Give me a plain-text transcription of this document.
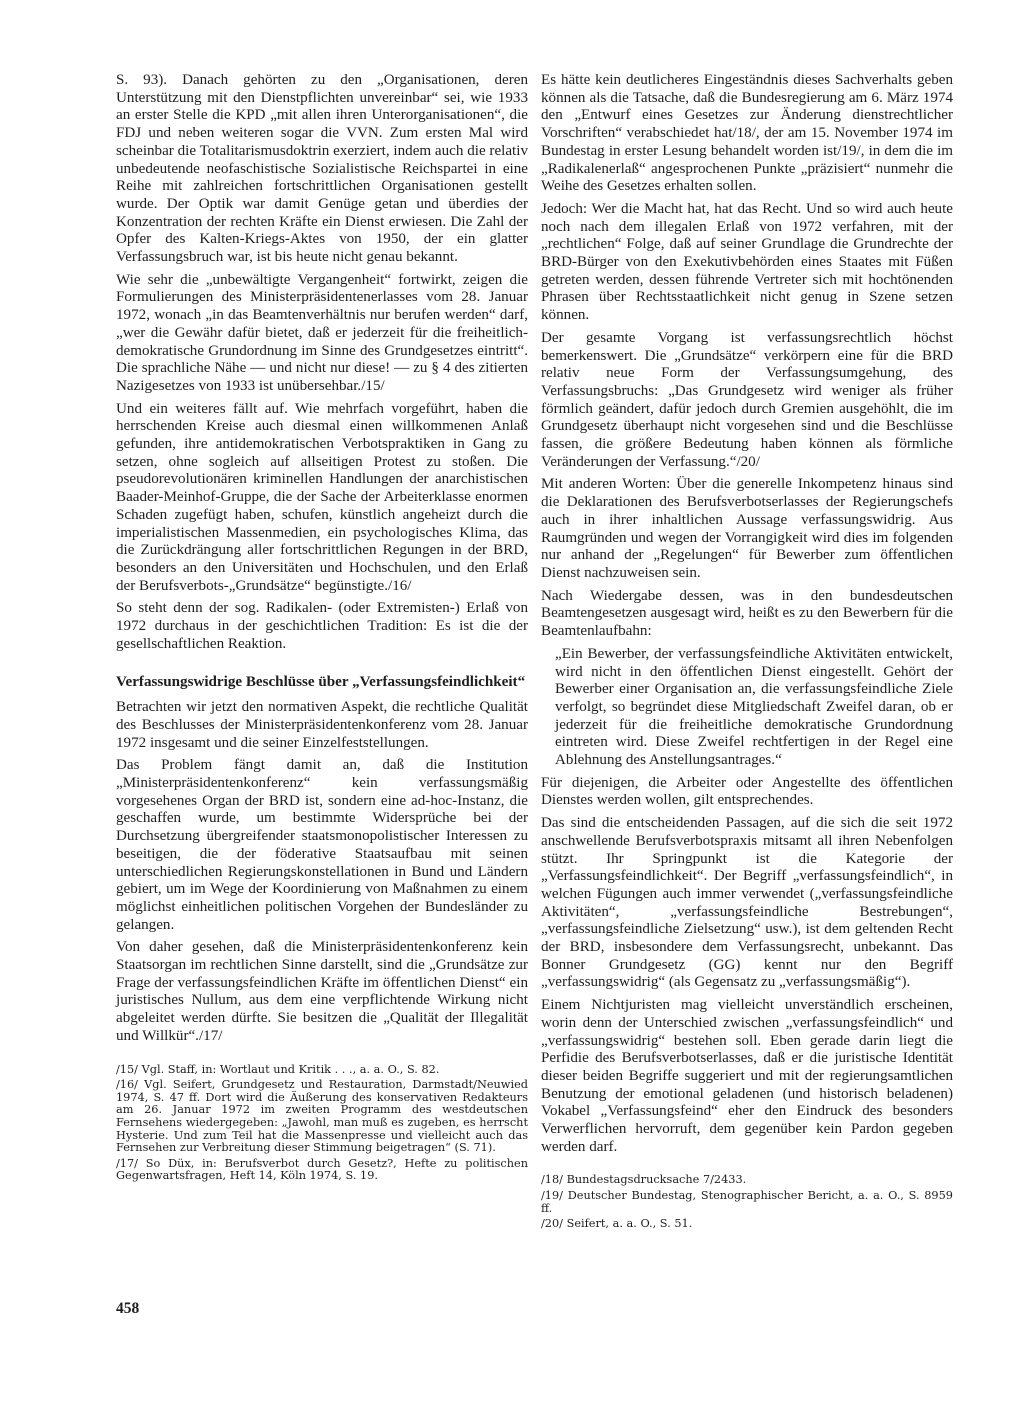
S. 93). Danach gehörten zu den „Organisationen, deren Unterstützung mit den Dienstpflichten unvereinbar“ sei, wie 1933 an erster Stelle die KPD „mit allen ihren Unterorganisationen“, die FDJ und neben weiteren sogar die VVN. Zum ersten Mal wird scheinbar die Totalitarismusdoktrin exerziert, indem auch die relativ unbedeutende neofaschistische Sozialistische Reichspartei in eine Reihe mit zahlreichen fortschrittlichen Organisationen gestellt wurde. Der Optik war damit Genüge getan und überdies der Konzentration der rechten Kräfte ein Dienst erwiesen. Die Zahl der Opfer des Kalten-Kriegs-Aktes von 1950, der ein glatter Verfassungsbruch war, ist bis heute nicht genau bekannt.

Wie sehr die „unbewältigte Vergangenheit“ fortwirkt, zeigen die Formulierungen des Ministerpräsidentenerlasses vom 28. Januar 1972, wonach „in das Beamtenverhältnis nur berufen werden“ darf, „wer die Gewähr dafür bietet, daß er jederzeit für die freiheitlich-demokratische Grundordnung im Sinne des Grundgesetzes eintritt“. Die sprachliche Nähe — und nicht nur diese! — zu § 4 des zitierten Nazigesetzes von 1933 ist unübersehbar./15/

Und ein weiteres fällt auf. Wie mehrfach vorgeführt, haben die herrschenden Kreise auch diesmal einen willkommenen Anlaß gefunden, ihre antidemokratischen Verbotspraktiken in Gang zu setzen, ohne sogleich auf allseitigen Protest zu stoßen. Die pseudorevolutionären kriminellen Handlungen der anarchistischen Baader-Meinhof-Gruppe, die der Sache der Arbeiterklasse enormen Schaden zugefügt haben, schufen, künstlich angeheizt durch die imperialistischen Massenmedien, ein psychologisches Klima, das die Zurückdrängung aller fortschrittlichen Regungen in der BRD, besonders an den Universitäten und Hochschulen, und den Erlaß der Berufsverbots-„Grundsätze“ begünstigte./16/

So steht denn der sog. Radikalen- (oder Extremisten-) Erlaß von 1972 durchaus in der geschichtlichen Tradition: Es ist die der gesellschaftlichen Reaktion.

Verfassungswidrige Beschlüsse über „Verfassungsfeindlichkeit“

Betrachten wir jetzt den normativen Aspekt, die rechtliche Qualität des Beschlusses der Ministerpräsidentenkonferenz vom 28. Januar 1972 insgesamt und die seiner Einzelfeststellungen.

Das Problem fängt damit an, daß die Institution „Ministerpräsidentenkonferenz“ kein verfassungsmäßig vorgesehenes Organ der BRD ist, sondern eine ad-hoc-Instanz, die geschaffen wurde, um bestimmte Widersprüche bei der Durchsetzung übergreifender staatsmonopolistischer Interessen zu beseitigen, die der föderative Staatsaufbau mit seinen unterschiedlichen Regierungskonstellationen in Bund und Ländern gebiert, um im Wege der Koordinierung von Maßnahmen zu einem möglichst einheitlichen politischen Vorgehen der Bundesländer zu gelangen.

Von daher gesehen, daß die Ministerpräsidentenkonferenz kein Staatsorgan im rechtlichen Sinne darstellt, sind die „Grundsätze zur Frage der verfassungsfeindlichen Kräfte im öffentlichen Dienst“ ein juristisches Nullum, aus dem eine verpflichtende Wirkung nicht abgeleitet werden dürfte. Sie besitzen die „Qualität der Illegalität und Willkür“./17/

/15/ Vgl. Staff, in: Wortlaut und Kritik . . ., a. a. O., S. 82.

/16/ Vgl. Seifert, Grundgesetz und Restauration, Darmstadt/Neuwied 1974, S. 47 ff. Dort wird die Äußerung des konservativen Redakteurs am 26. Januar 1972 im zweiten Programm des westdeutschen Fernsehens wiedergegeben: „Jawohl, man muß es zugeben, es herrscht Hysterie. Und zum Teil hat die Massenpresse und vielleicht auch das Fernsehen zur Verbreitung dieser Stimmung beigetragen“ (S. 71).

/17/ So Düx, in: Berufsverbot durch Gesetz?, Hefte zu politischen Gegenwartsfragen, Heft 14, Köln 1974, S. 19.

Es hätte kein deutlicheres Eingeständnis dieses Sachverhalts geben können als die Tatsache, daß die Bundesregierung am 6. März 1974 den „Entwurf eines Gesetzes zur Änderung dienstrechtlicher Vorschriften“ verabschiedet hat/18/, der am 15. November 1974 im Bundestag in erster Lesung behandelt worden ist/19/, in dem die im „Radikalenerlaß“ angesprochenen Punkte „präzisiert“ nunmehr die Weihe des Gesetzes erhalten sollen.

Jedoch: Wer die Macht hat, hat das Recht. Und so wird auch heute noch nach dem illegalen Erlaß von 1972 verfahren, mit der „rechtlichen“ Folge, daß auf seiner Grundlage die Grundrechte der BRD-Bürger von den Exekutivbehörden eines Staates mit Füßen getreten werden, dessen führende Vertreter sich mit hochtönenden Phrasen über Rechtsstaatlichkeit nicht genug in Szene setzen können.

Der gesamte Vorgang ist verfassungsrechtlich höchst bemerkenswert. Die „Grundsätze“ verkörpern eine für die BRD relativ neue Form der Verfassungsumgehung, des Verfassungsbruchs: „Das Grundgesetz wird weniger als früher förmlich geändert, dafür jedoch durch Gremien ausgehöhlt, die im Grundgesetz überhaupt nicht vorgesehen sind und die Beschlüsse fassen, die größere Bedeutung haben können als förmliche Veränderungen der Verfassung.“/20/

Mit anderen Worten: Über die generelle Inkompetenz hinaus sind die Deklarationen des Berufsverbotserlasses der Regierungschefs auch in ihrer inhaltlichen Aussage verfassungswidrig. Aus Raumgründen und wegen der Vorrangigkeit wird dies im folgenden nur anhand der „Regelungen“ für Bewerber zum öffentlichen Dienst nachzuweisen sein.

Nach Wiedergabe dessen, was in den bundesdeutschen Beamtengesetzen ausgesagt wird, heißt es zu den Bewerbern für die Beamtenlaufbahn:

„Ein Bewerber, der verfassungsfeindliche Aktivitäten entwickelt, wird nicht in den öffentlichen Dienst eingestellt. Gehört der Bewerber einer Organisation an, die verfassungsfeindliche Ziele verfolgt, so begründet diese Mitgliedschaft Zweifel daran, ob er jederzeit für die freiheitliche demokratische Grundordnung eintreten wird. Diese Zweifel rechtfertigen in der Regel eine Ablehnung des Anstellungsantrages.“

Für diejenigen, die Arbeiter oder Angestellte des öffentlichen Dienstes werden wollen, gilt entsprechendes.

Das sind die entscheidenden Passagen, auf die sich die seit 1972 anschwellende Berufsverbotspraxis mitsamt all ihren Nebenfolgen stützt. Ihr Springpunkt ist die Kategorie der „Verfassungsfeindlichkeit“. Der Begriff „verfassungsfeindlich“, in welchen Fügungen auch immer verwendet („verfassungsfeindliche Aktivitäten“, „verfassungsfeindliche Bestrebungen“, „verfassungsfeindliche Zielsetzung“ usw.), ist dem geltenden Recht der BRD, insbesondere dem Verfassungsrecht, unbekannt. Das Bonner Grundgesetz (GG) kennt nur den Begriff „verfassungswidrig“ (als Gegensatz zu „verfassungsmäßig“).

Einem Nichtjuristen mag vielleicht unverständlich erscheinen, worin denn der Unterschied zwischen „verfassungsfeindlich“ und „verfassungswidrig“ bestehen soll. Eben gerade darin liegt die Perfidie des Berufsverbotserlasses, daß er die juristische Identität dieser beiden Begriffe suggeriert und mit der regierungsamtlichen Benutzung der emotional geladenen (und historisch beladenen) Vokabel „Verfassungsfeind“ eher den Eindruck des besonders Verwerflichen hervorruft, dem gegenüber kein Pardon gegeben werden darf.

/18/ Bundestagsdrucksache 7/2433.

/19/ Deutscher Bundestag, Stenographischer Bericht, a. a. O., S. 8959 ff.

/20/ Seifert, a. a. O., S. 51.

458
